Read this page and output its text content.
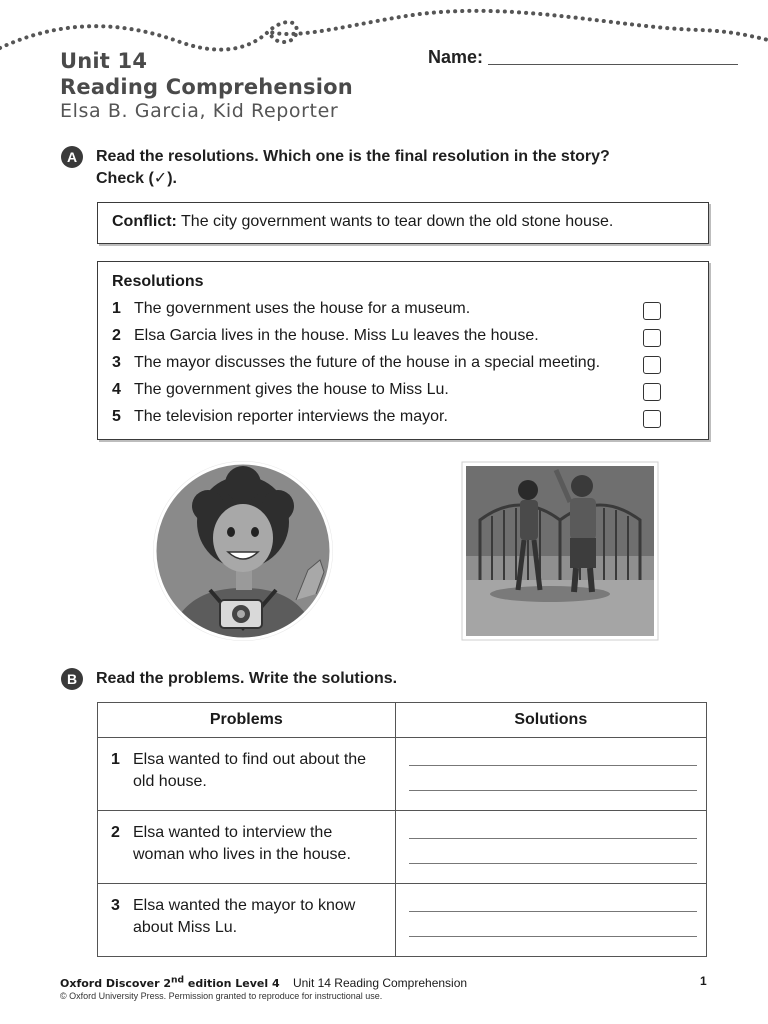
Unit 14
Reading Comprehension
Elsa B. Garcia, Kid Reporter
Name:
A	Read the resolutions. Which one is the final resolution in the story?
Check (✓).
Conflict: The city government wants to tear down the old stone house.
Resolutions
1 The government uses the house for a museum.
2 Elsa Garcia lives in the house. Miss Lu leaves the house.
3 The mayor discusses the future of the house in a special meeting.
4 The government gives the house to Miss Lu.
5 The television reporter interviews the mayor.
B	Read the problems. Write the solutions.
Problems	Solutions

1 Elsa wanted to find out about the
old house.	

2 Elsa wanted to interview the
woman who lives in the house.	

3 Elsa wanted the mayor to know
about Miss Lu.	

Oxford Discover 2nd edition Level 4 Unit 14 Reading Comprehension
© Oxford University Press. Permission granted to reproduce for instructional use.
1
